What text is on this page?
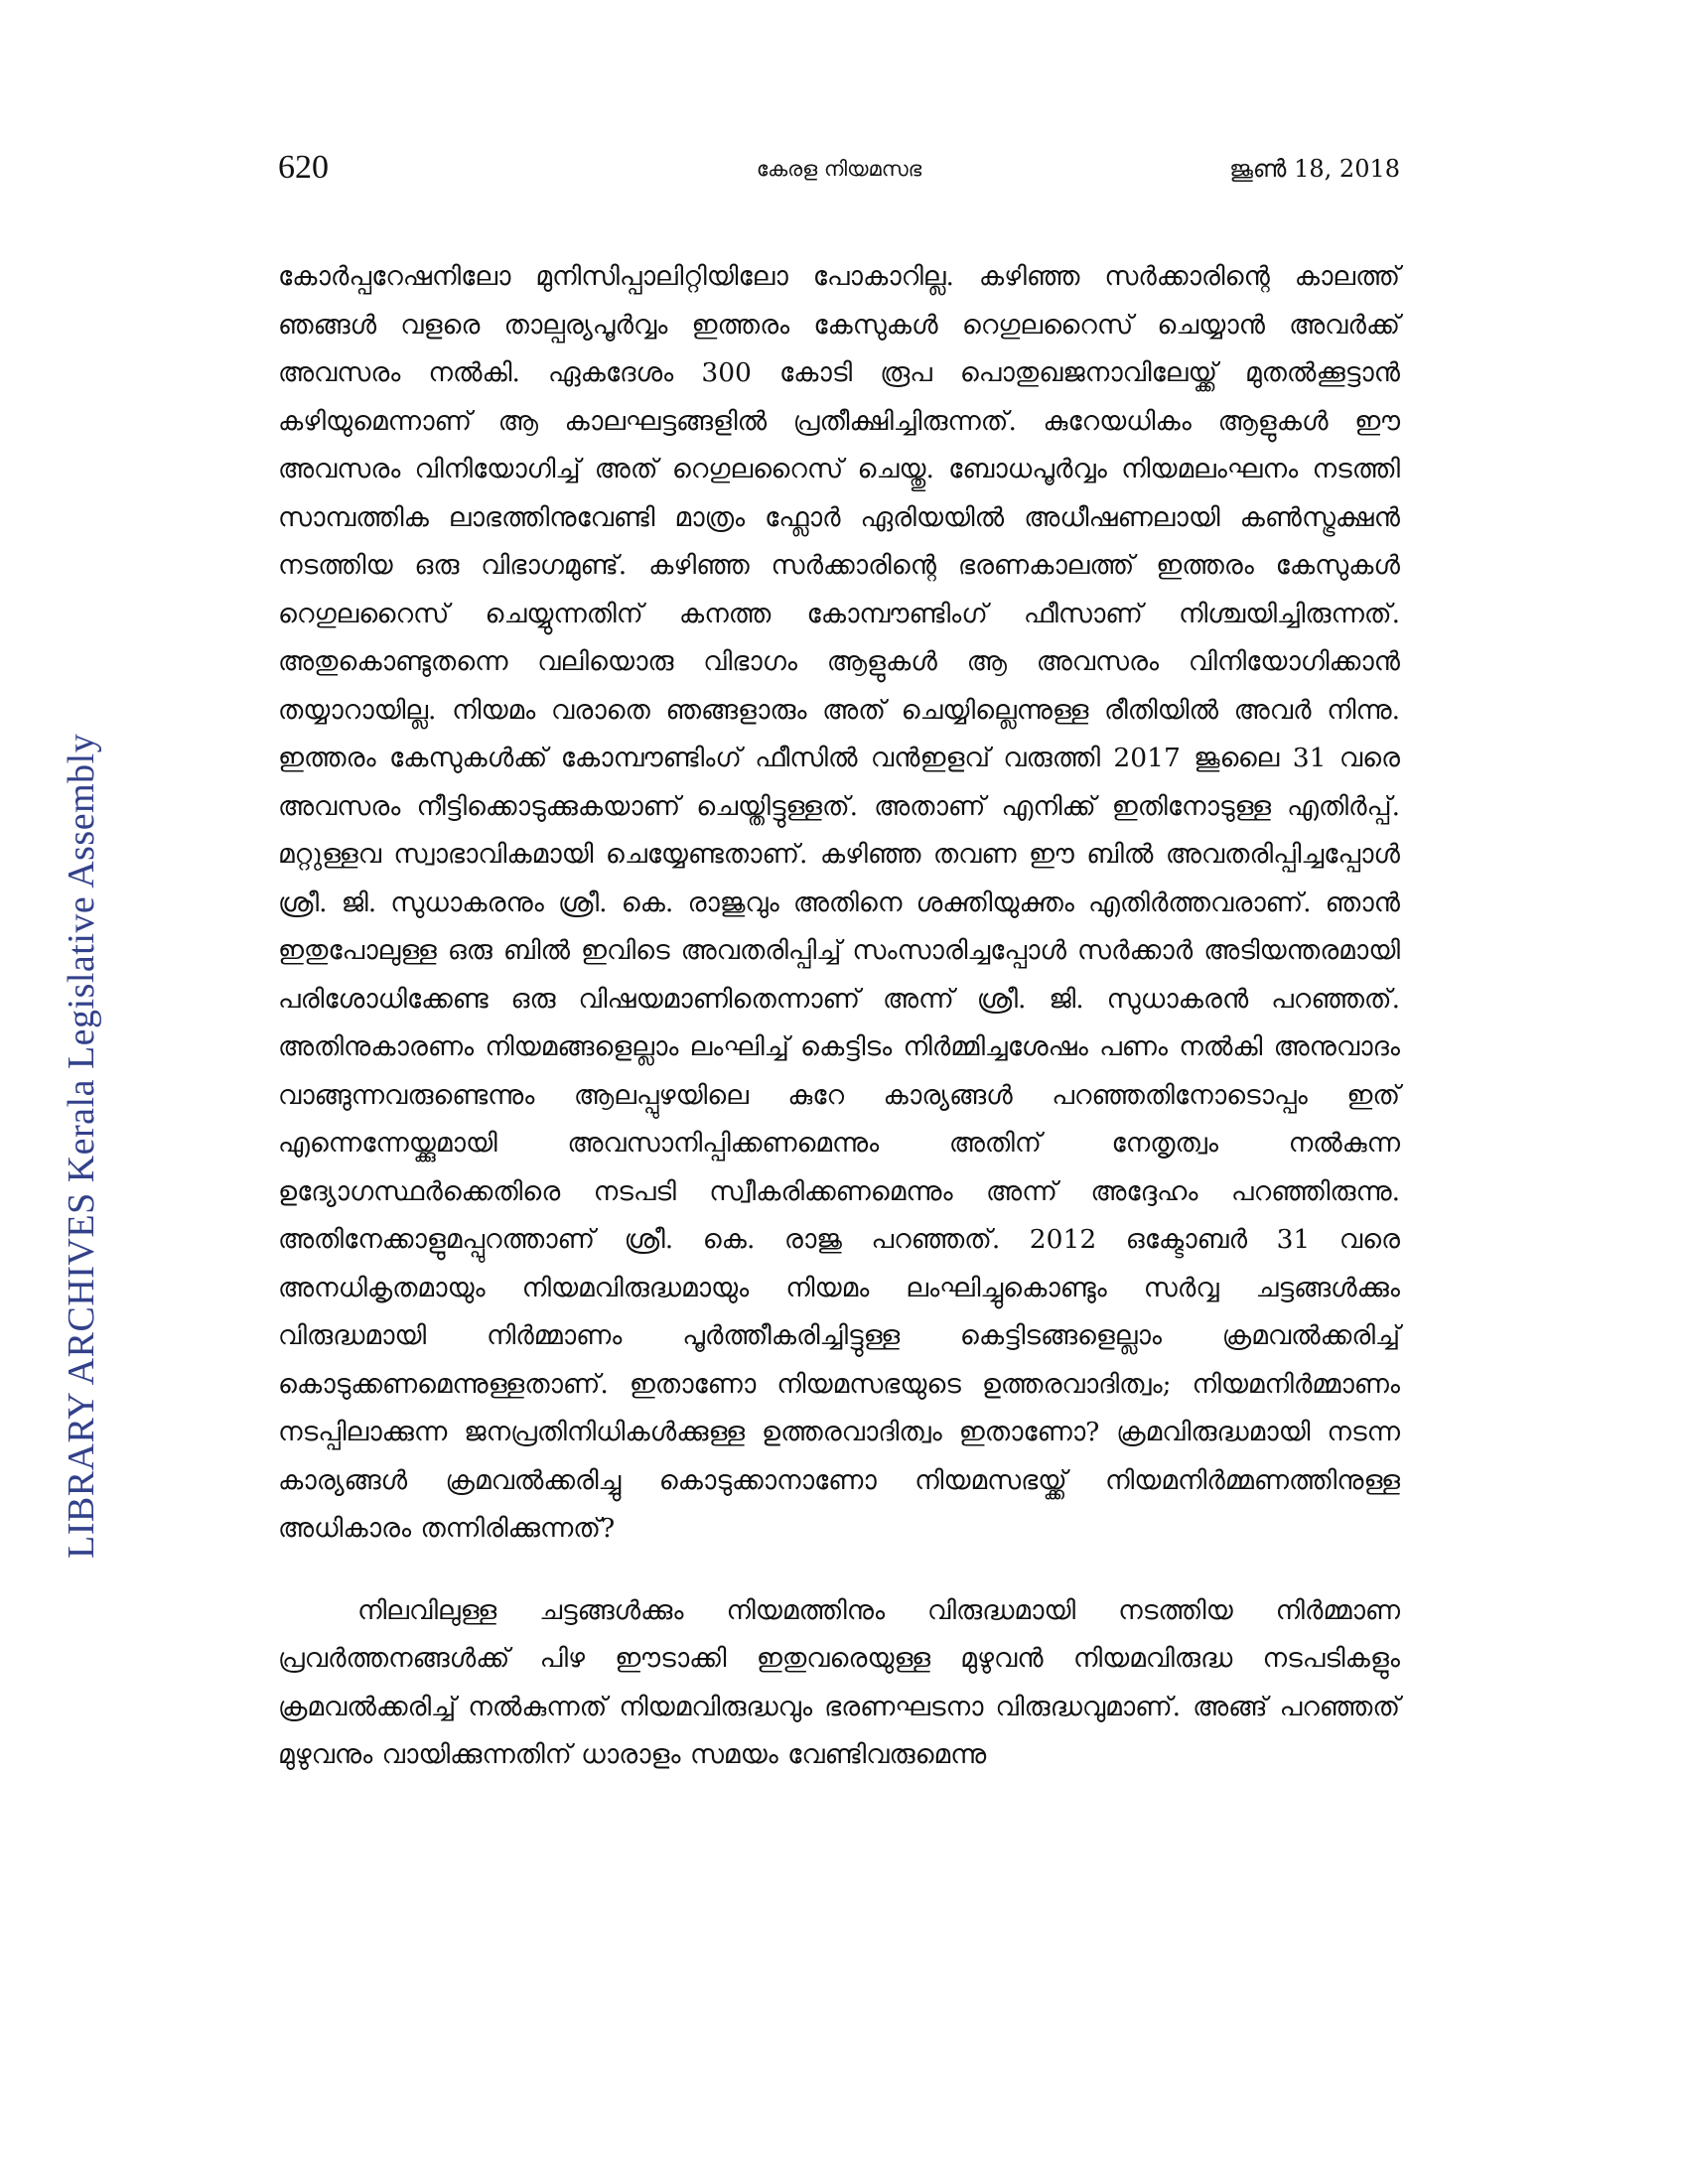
620	കേരള നിയമസഭ	ജൂൺ 18, 2018
LIBRARY ARCHIVES Kerala Legislative Assembly

കോർപ്പറേഷനിലോ മുനിസിപ്പാലിറ്റിയിലോ പോകാറില്ല. കഴിഞ്ഞ സർക്കാരിന്റെ കാലത്ത് ഞങ്ങൾ വളരെ താല്പര്യപൂർവ്വം ഇത്തരം കേസുകൾ റെഗുലറൈസ് ചെയ്യാൻ അവർക്ക് അവസരം നൽകി. ഏകദേശം 300 കോടി രൂപ പൊതുഖജനാവിലേയ്ക്ക് മുതൽക്കൂട്ടാൻ കഴിയുമെന്നാണ് ആ കാലഘട്ടങ്ങളിൽ പ്രതീക്ഷിച്ചിരുന്നത്. കുറേയധികം ആളുകൾ ഈ അവസരം വിനിയോഗിച്ച് അത് റെഗുലറൈസ് ചെയ്തു. ബോധപൂർവ്വം നിയമലംഘനം നടത്തി സാമ്പത്തിക ലാഭത്തിനുവേണ്ടി മാത്രം ഫ്ലോർ ഏരിയയിൽ അധീഷണലായി കൺസ്ട്രക്ഷൻ നടത്തിയ ഒരു വിഭാഗമുണ്ട്. കഴിഞ്ഞ സർക്കാരിന്റെ ഭരണകാലത്ത് ഇത്തരം കേസുകൾ റെഗുലറൈസ് ചെയ്യുന്നതിന് കനത്ത കോമ്പൗണ്ടിംഗ് ഫീസാണ് നിശ്ചയിച്ചിരുന്നത്. അതുകൊണ്ടുതന്നെ വലിയൊരു വിഭാഗം ആളുകൾ ആ അവസരം വിനിയോഗിക്കാൻ തയ്യാറായില്ല. നിയമം വരാതെ ഞങ്ങളാരും അത് ചെയ്യില്ലെന്നുള്ള രീതിയിൽ അവർ നിന്നു. ഇത്തരം കേസുകൾക്ക് കോമ്പൗണ്ടിംഗ് ഫീസിൽ വൻഇളവ് വരുത്തി 2017 ജൂലൈ 31 വരെ അവസരം നീട്ടിക്കൊടുക്കുകയാണ് ചെയ്തിട്ടുള്ളത്. അതാണ് എനിക്ക് ഇതിനോടുള്ള എതിർപ്പ്. മറ്റുള്ളവ സ്വാഭാവികമായി ചെയ്യേണ്ടതാണ്. കഴിഞ്ഞ തവണ ഈ ബിൽ അവതരിപ്പിച്ചപ്പോൾ ശ്രീ. ജി. സുധാകരനും ശ്രീ. കെ. രാജുവും അതിനെ ശക്തിയുക്തം എതിർത്തവരാണ്. ഞാൻ ഇതുപോലുള്ള ഒരു ബിൽ ഇവിടെ അവതരിപ്പിച്ച് സംസാരിച്ചപ്പോൾ സർക്കാർ അടിയന്തരമായി പരിശോധിക്കേണ്ട ഒരു വിഷയമാണിതെന്നാണ് അന്ന് ശ്രീ. ജി. സുധാകരൻ പറഞ്ഞത്. അതിനുകാരണം നിയമങ്ങളെല്ലാം ലംഘിച്ച് കെട്ടിടം നിർമ്മിച്ചശേഷം പണം നൽകി അനുവാദം വാങ്ങുന്നവരുണ്ടെന്നും ആലപ്പുഴയിലെ കുറേ കാര്യങ്ങൾ പറഞ്ഞതിനോടൊപ്പം ഇത് എന്നെന്നേയ്ക്കുമായി അവസാനിപ്പിക്കണമെന്നും അതിന് നേതൃത്വം നൽകുന്ന ഉദ്യോഗസ്ഥർക്കെതിരെ നടപടി സ്വീകരിക്കണമെന്നും അന്ന് അദ്ദേഹം പറഞ്ഞിരുന്നു. അതിനേക്കാളുമപ്പുറത്താണ് ശ്രീ. കെ. രാജു പറഞ്ഞത്. 2012 ഒക്ടോബർ 31 വരെ അനധികൃതമായും നിയമവിരുദ്ധമായും നിയമം ലംഘിച്ചുകൊണ്ടും സർവ്വ ചട്ടങ്ങൾക്കും വിരുദ്ധമായി നിർമ്മാണം പൂർത്തീകരിച്ചിട്ടുള്ള കെട്ടിടങ്ങളെല്ലാം ക്രമവൽക്കരിച്ച് കൊടുക്കണമെന്നുള്ളതാണ്. ഇതാണോ നിയമസഭയുടെ ഉത്തരവാദിത്വം; നിയമനിർമ്മാണം നടപ്പിലാക്കുന്ന ജനപ്രതിനിധികൾക്കുള്ള ഉത്തരവാദിത്വം ഇതാണോ? ക്രമവിരുദ്ധമായി നടന്ന കാര്യങ്ങൾ ക്രമവൽക്കരിച്ചു കൊടുക്കാനാണോ നിയമസഭയ്ക്ക് നിയമനിർമ്മണത്തിനുള്ള അധികാരം തന്നിരിക്കുന്നത്?

നിലവിലുള്ള ചട്ടങ്ങൾക്കും നിയമത്തിനും വിരുദ്ധമായി നടത്തിയ നിർമ്മാണ പ്രവർത്തനങ്ങൾക്ക് പിഴ ഈടാക്കി ഇതുവരെയുള്ള മുഴുവൻ നിയമവിരുദ്ധ നടപടികളും ക്രമവൽക്കരിച്ച് നൽകുന്നത് നിയമവിരുദ്ധവും ഭരണഘടനാ വിരുദ്ധവുമാണ്. അങ്ങ് പറഞ്ഞത് മുഴുവനും വായിക്കുന്നതിന് ധാരാളം സമയം വേണ്ടിവരുമെന്നു
